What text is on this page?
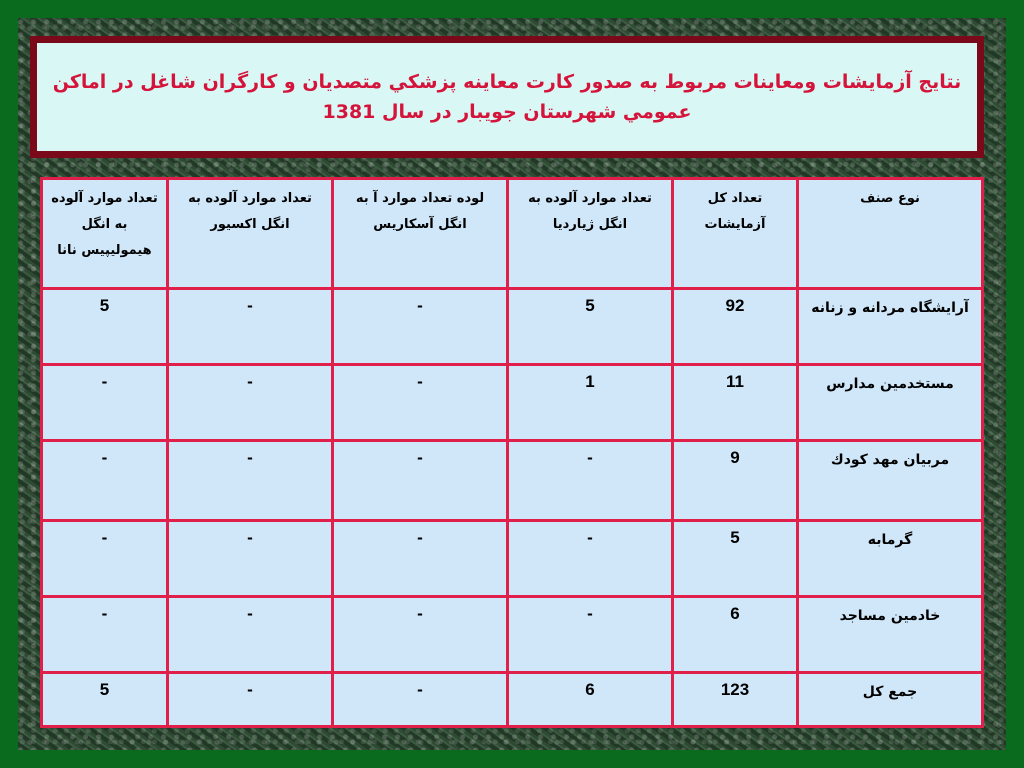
نتايج آزمايشات ومعاينات مربوط به صدور كارت معاينه پزشكي متصديان و كارگران شاغل در اماكن عمومي شهرستان جويبار در سال 1381
نوع صنف	تعداد کل آزمایشات	تعداد موارد آلوده به انگل ژیاردیا	لوده تعداد موارد آ به انگل آسکاریس	تعداد موارد آلوده به انگل اکسیور	تعداد موارد آلوده به انگل هیمولیپیس نانا
آرایشگاه مردانه و زنانه	92	5	-	-	5
مستخدمین مدارس	11	1	-	-	-
مربیان مهد کودك	9	-	-	-	-
گرمابه	5	-	-	-	-
خادمین مساجد	6	-	-	-	-
جمع کل	123	6	-	-	5
